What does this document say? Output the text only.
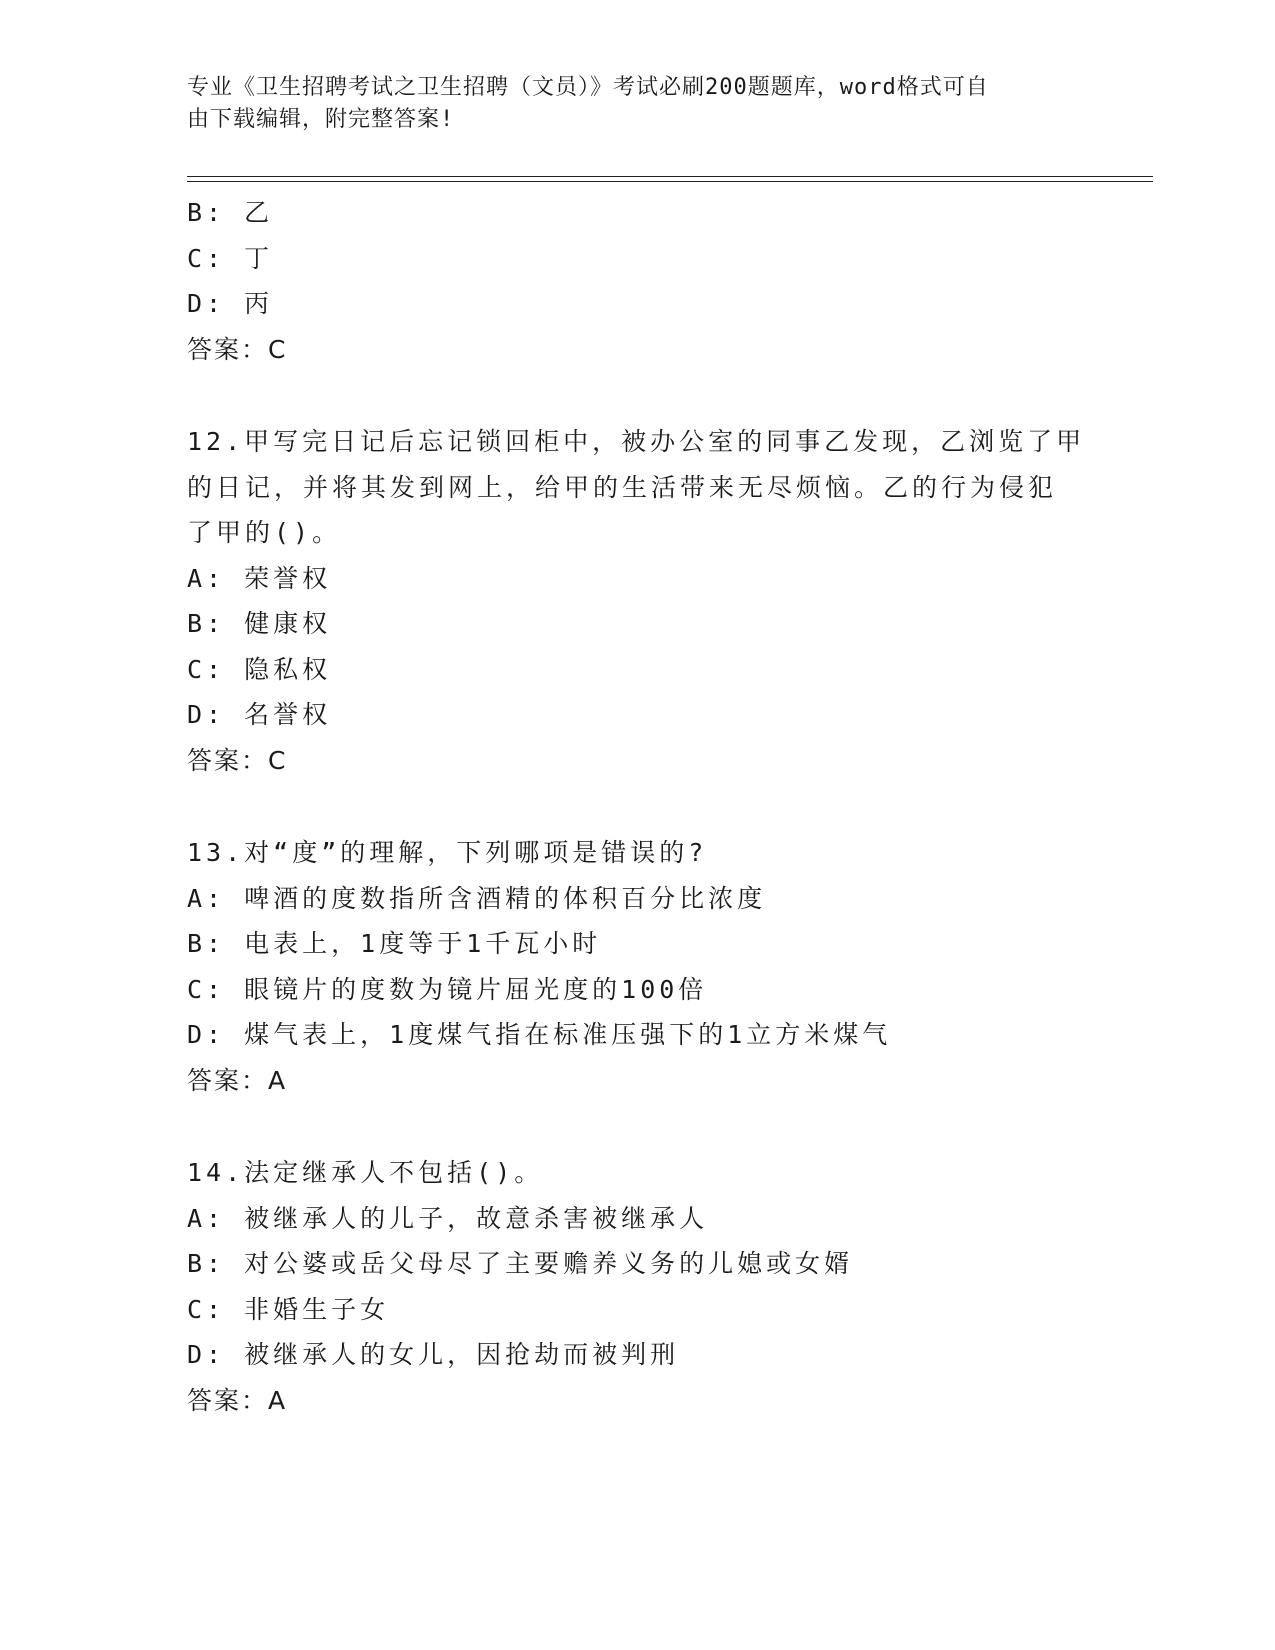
专业《卫生招聘考试之卫生招聘（文员）》考试必刷200题题库，word格式可自
由下载编辑，附完整答案!
B: 乙
C: 丁
D: 丙
答案：C
12.甲写完日记后忘记锁回柜中，被办公室的同事乙发现，乙浏览了甲
的日记，并将其发到网上，给甲的生活带来无尽烦恼。乙的行为侵犯
了甲的()。
A: 荣誉权
B: 健康权
C: 隐私权
D: 名誉权
答案：C
13.对“度”的理解，下列哪项是错误的?
A: 啤酒的度数指所含酒精的体积百分比浓度
B: 电表上，1度等于1千瓦小时
C: 眼镜片的度数为镜片屈光度的100倍
D: 煤气表上，1度煤气指在标准压强下的1立方米煤气
答案：A
14.法定继承人不包括()。
A: 被继承人的儿子，故意杀害被继承人
B: 对公婆或岳父母尽了主要赡养义务的儿媳或女婿
C: 非婚生子女
D: 被继承人的女儿，因抢劫而被判刑
答案：A
